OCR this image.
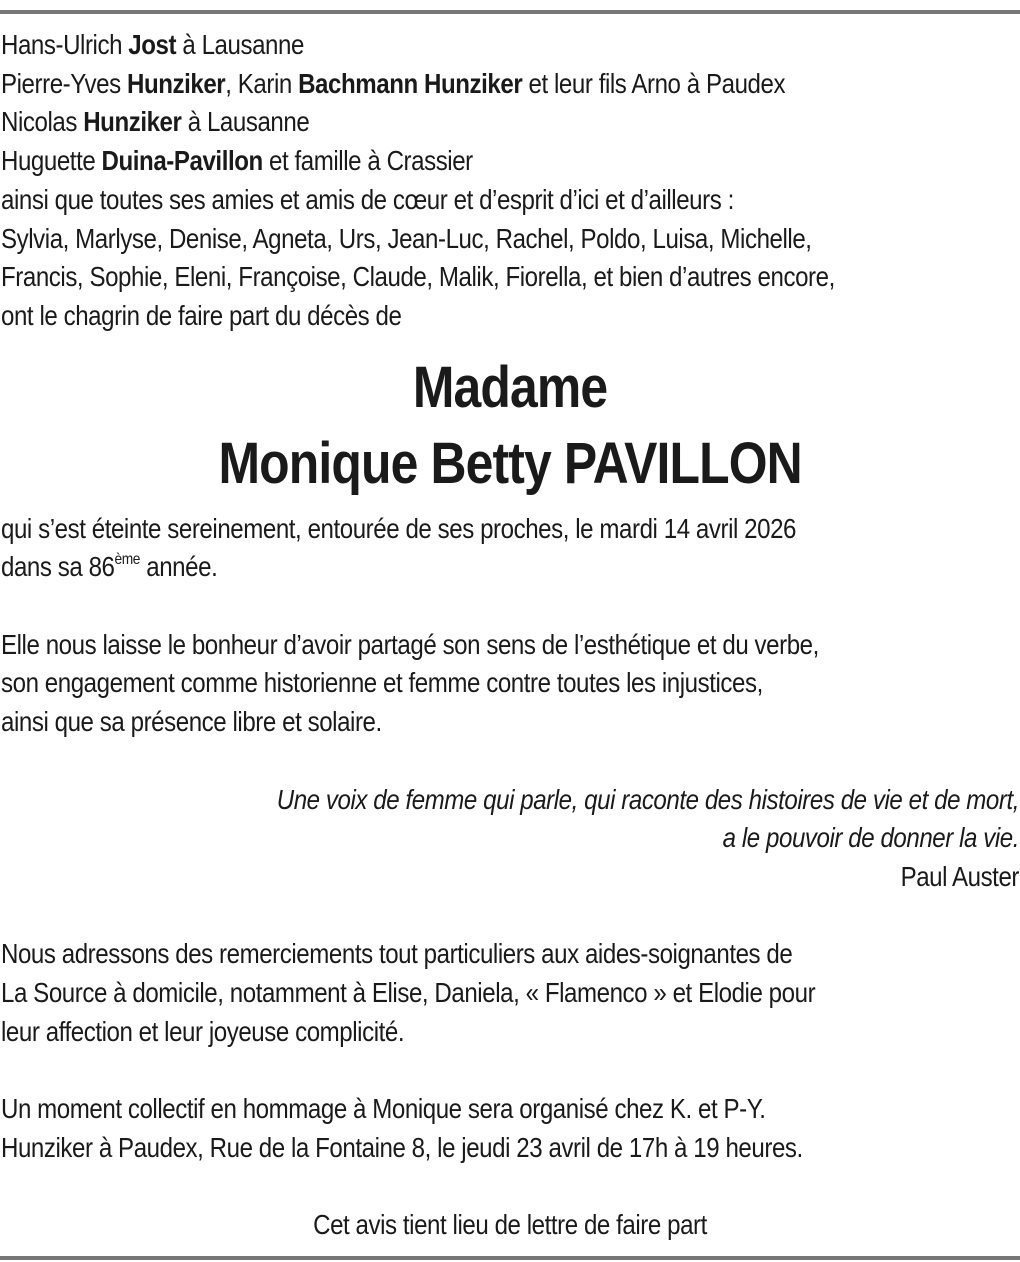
Hans-Ulrich Jost à Lausanne
Pierre-Yves Hunziker, Karin Bachmann Hunziker et leur fils Arno à Paudex
Nicolas Hunziker à Lausanne
Huguette Duina-Pavillon et famille à Crassier
ainsi que toutes ses amies et amis de cœur et d’esprit d’ici et d’ailleurs :
Sylvia, Marlyse, Denise, Agneta, Urs, Jean-Luc, Rachel, Poldo, Luisa, Michelle,
Francis, Sophie, Eleni, Françoise, Claude, Malik, Fiorella, et bien d’autres encore,
ont le chagrin de faire part du décès de
Madame
Monique Betty PAVILLON
qui s’est éteinte sereinement, entourée de ses proches, le mardi 14 avril 2026
dans sa 86ème année.
Elle nous laisse le bonheur d’avoir partagé son sens de l’esthétique et du verbe,
son engagement comme historienne et femme contre toutes les injustices,
ainsi que sa présence libre et solaire.
Une voix de femme qui parle, qui raconte des histoires de vie et de mort,
a le pouvoir de donner la vie.
Paul Auster
Nous adressons des remerciements tout particuliers aux aides-soignantes de
La Source à domicile, notamment à Elise, Daniela, « Flamenco » et Elodie pour
leur affection et leur joyeuse complicité.
Un moment collectif en hommage à Monique sera organisé chez K. et P-Y.
Hunziker à Paudex, Rue de la Fontaine 8, le jeudi 23 avril de 17h à 19 heures.
Cet avis tient lieu de lettre de faire part
